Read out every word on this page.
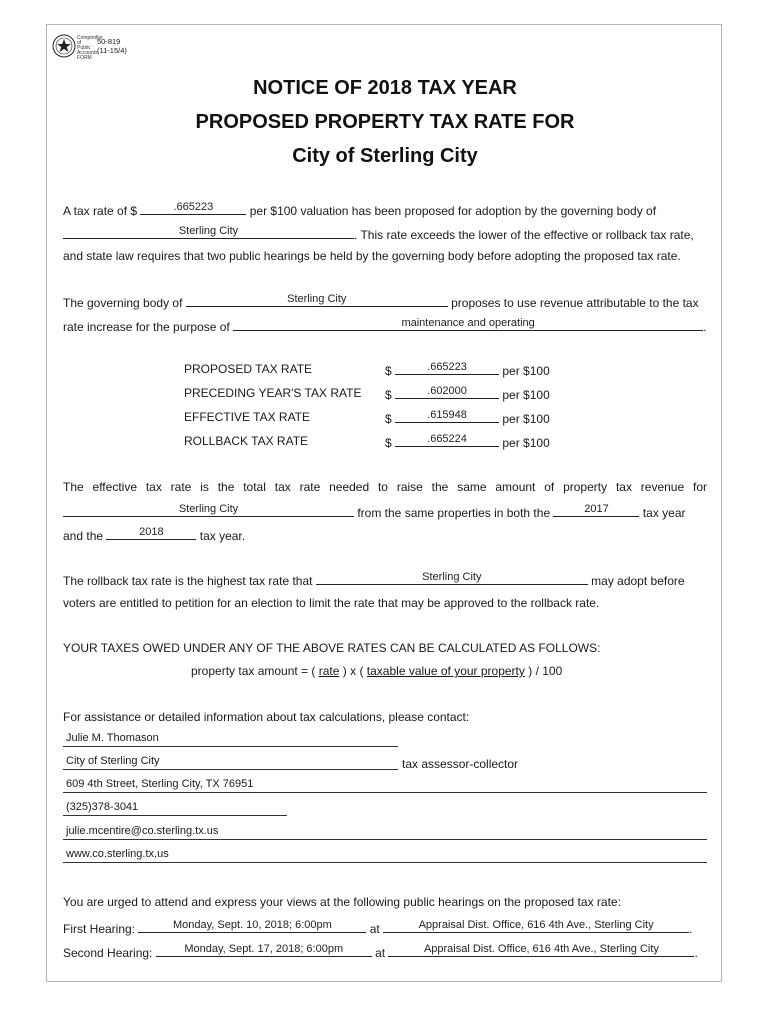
Comptroller of Public Accounts FORM
50-819
(11-15/4)
NOTICE OF 2018 TAX YEAR
PROPOSED PROPERTY TAX RATE FOR
City of Sterling City
A tax rate of $	.665223	per $100 valuation has been proposed for adoption by the governing body of
Sterling City	. This rate exceeds the lower of the effective or rollback tax rate,
and state law requires that two public hearings be held by the governing body before adopting the proposed tax rate.
The governing body of	Sterling City	proposes to use revenue attributable to the tax
rate increase for the purpose of	maintenance and operating	.
PROPOSED TAX RATE	$	.665223	per $100
PRECEDING YEAR'S TAX RATE $	.602000	per $100
EFFECTIVE TAX RATE	$	.615948	per $100
ROLLBACK TAX RATE	$	.665224	per $100
The effective tax rate is the total tax rate needed to raise the same amount of property tax revenue for
Sterling City	from the same properties in both the	2017	tax year
and the	2018	tax year.
The rollback tax rate is the highest tax rate that	Sterling City	may adopt before
voters are entitled to petition for an election to limit the rate that may be approved to the rollback rate.
YOUR TAXES OWED UNDER ANY OF THE ABOVE RATES CAN BE CALCULATED AS FOLLOWS:
property tax amount = ( rate ) x ( taxable value of your property ) / 100
For assistance or detailed information about tax calculations, please contact:
Julie M. Thomason
City of Sterling City	tax assessor-collector
609 4th Street, Sterling City, TX 76951
(325)378-3041
julie.mcentire@co.sterling.tx.us
www.co.sterling.tx.us
You are urged to attend and express your views at the following public hearings on the proposed tax rate:
First Hearing:	Monday, Sept. 10, 2018; 6:00pm	at	Appraisal Dist. Office, 616 4th Ave., Sterling City	.
Second Hearing:	Monday, Sept. 17, 2018; 6:00pm	at	Appraisal Dist. Office, 616 4th Ave., Sterling City	.
